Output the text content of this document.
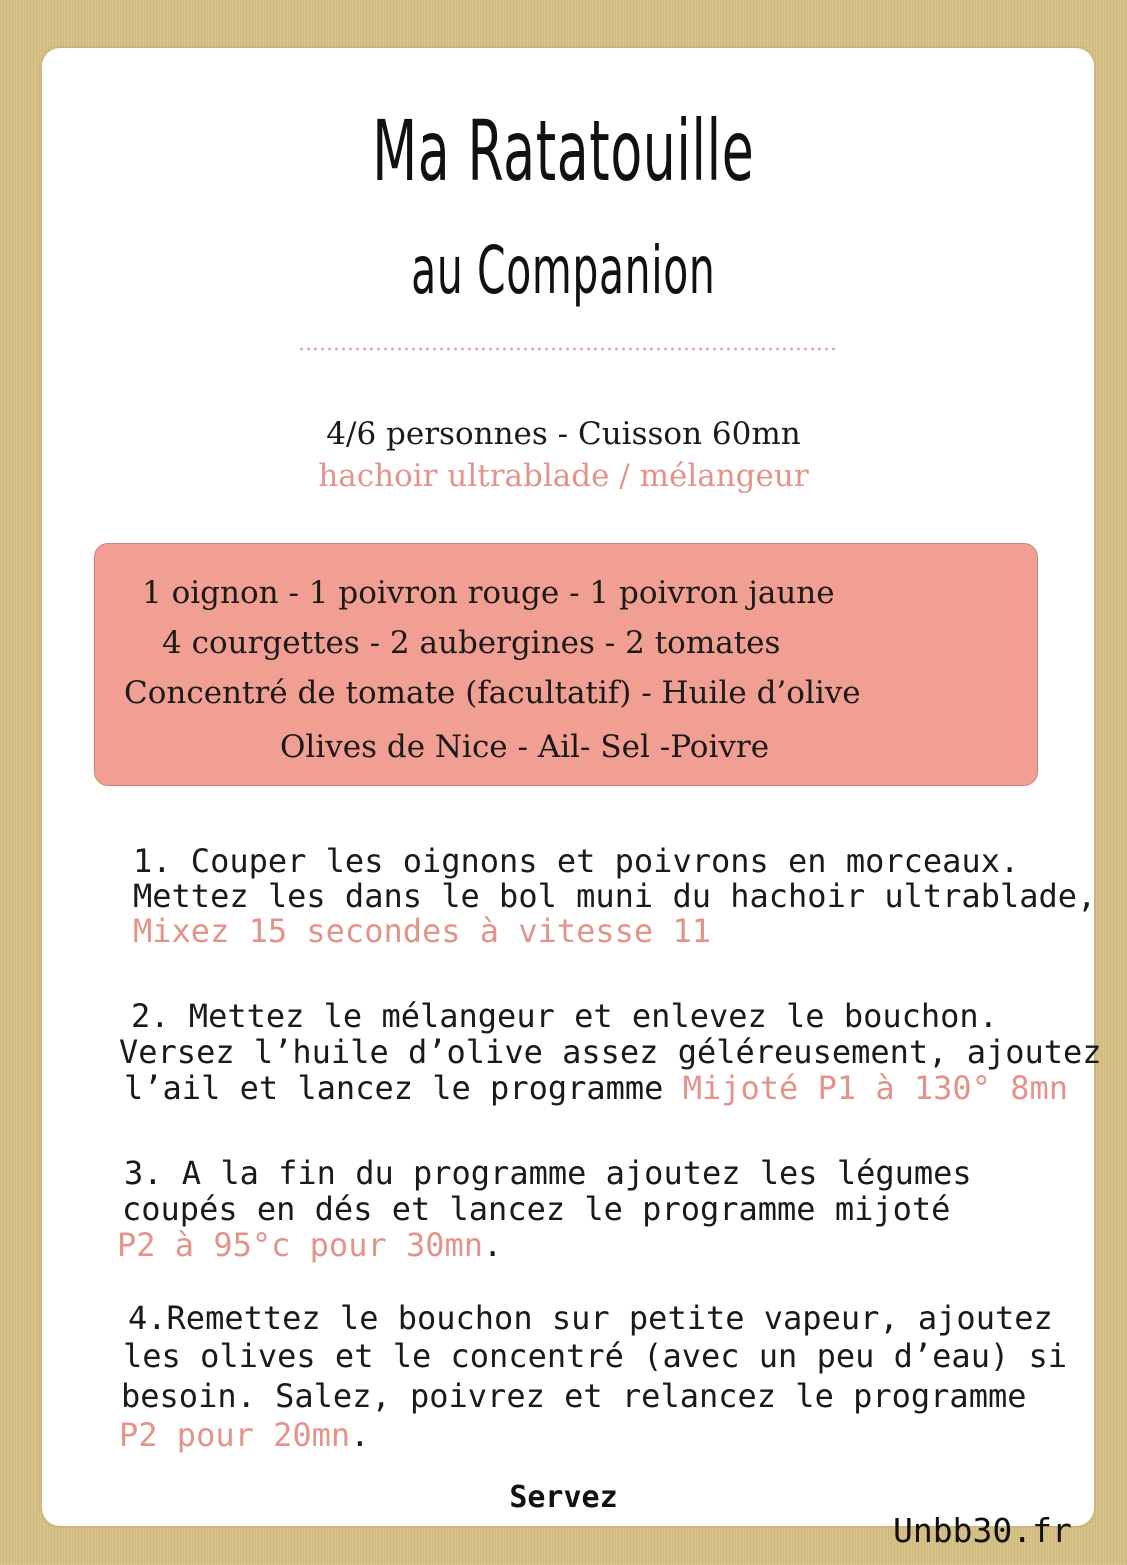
Ma Ratatouille
au Companion
4/6 personnes - Cuisson 60mn
hachoir ultrablade / mélangeur
1 oignon - 1 poivron rouge - 1 poivron jaune
4 courgettes - 2 aubergines - 2 tomates
Concentré de tomate (facultatif) - Huile d’olive
Olives de Nice - Ail- Sel -Poivre
1. Couper les oignons et poivrons en morceaux.
Mettez les dans le bol muni du hachoir ultrablade,
Mixez 15 secondes à vitesse 11
2. Mettez le mélangeur et enlevez le bouchon.
Versez l’huile d’olive assez géléreusement, ajoutez
l’ail et lancez le programme Mijoté P1 à 130° 8mn
3. A la fin du programme ajoutez les légumes
coupés en dés et lancez le programme mijoté
P2 à 95°c pour 30mn.
4.Remettez le bouchon sur petite vapeur, ajoutez
les olives et le concentré (avec un peu d’eau) si
besoin. Salez, poivrez et relancez le programme
P2 pour 20mn.
Servez
Unbb30.fr
